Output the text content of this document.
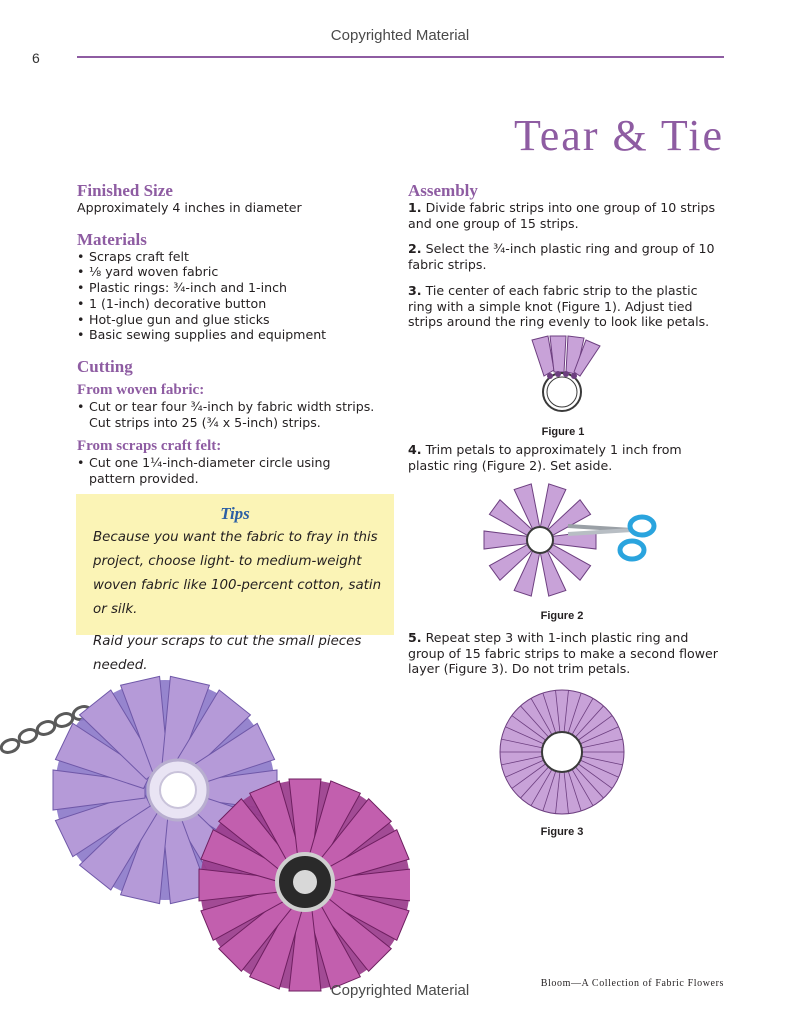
Copyrighted Material
6
Tear & Tie
Finished Size

Approximately 4 inches in diameter

Materials
• Scraps craft felt
• ⅛ yard woven fabric
• Plastic rings: ¾-inch and 1-inch
• 1 (1-inch) decorative button
• Hot-glue gun and glue sticks
• Basic sewing supplies and equipment
Cutting
From woven fabric:
• Cut or tear four ¾-inch by fabric width strips.
Cut strips into 25 (¾ x 5-inch) strips.
From scraps craft felt:
• Cut one 1¼-inch-diameter circle using
pattern provided.
Tips

Because you want the fabric to fray in this project, choose light- to medium-weight woven fabric like 100-percent cotton, satin or silk.

Raid your scraps to cut the small pieces needed.

Assembly

1. Divide fabric strips into one group of 10 strips and one group of 15 strips.

2. Select the ¾-inch plastic ring and group of 10 fabric strips.

3. Tie center of each fabric strip to the plastic ring with a simple knot (Figure 1). Adjust tied strips around the ring evenly to look like petals.

Figure 1
4. Trim petals to approximately 1 inch from plastic ring (Figure 2). Set aside.
Figure 2
5. Repeat step 3 with 1-inch plastic ring and group of 15 fabric strips to make a second flower layer (Figure 3). Do not trim petals.
Figure 3
Bloom—A Collection of Fabric Flowers
Copyrighted Material
